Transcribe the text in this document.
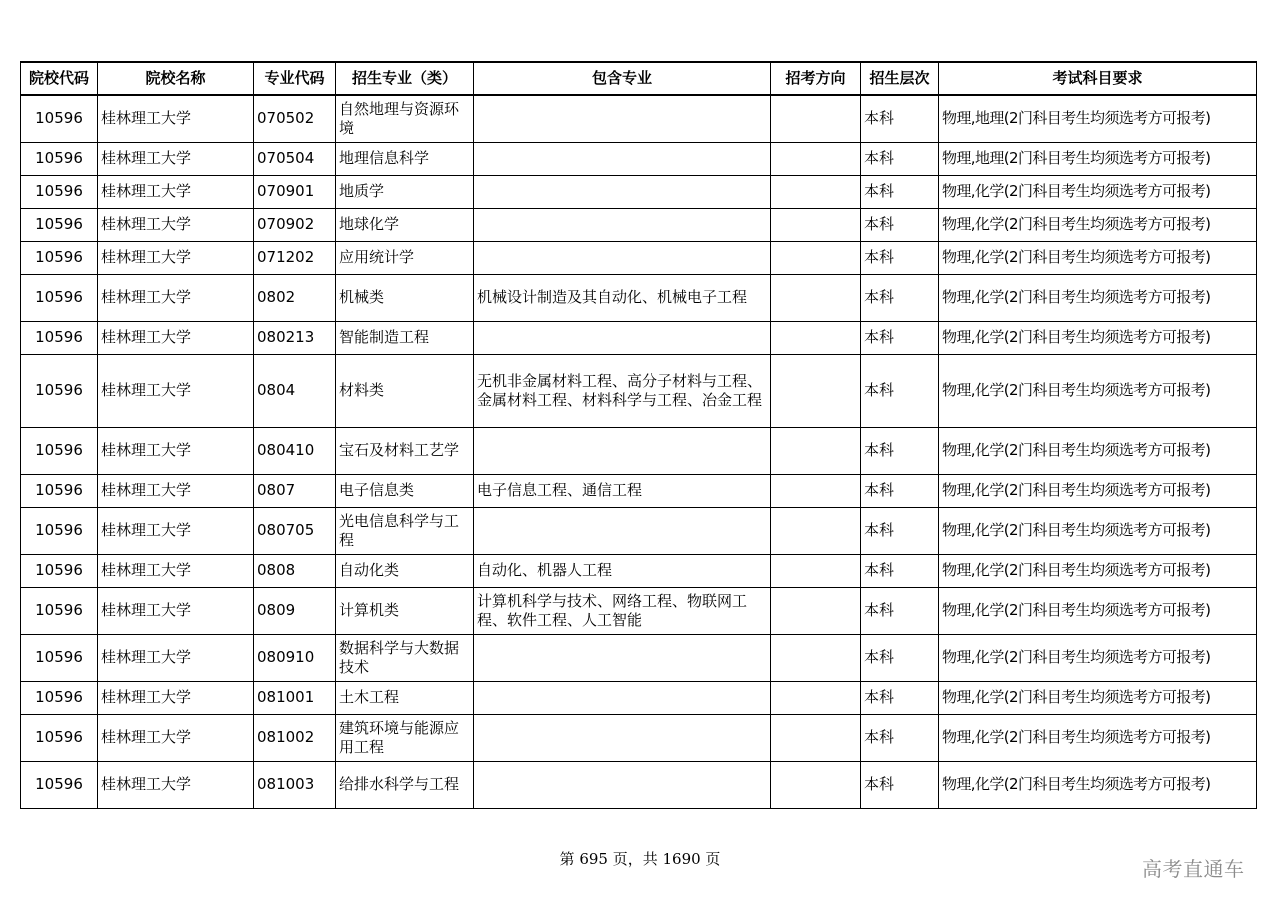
院校代码	院校名称	专业代码	招生专业（类）	包含专业	招考方向	招生层次	考试科目要求
10596	桂林理工大学	070502	自然地理与资源环境			本科	物理,地理(2门科目考生均须选考方可报考)
10596	桂林理工大学	070504	地理信息科学			本科	物理,地理(2门科目考生均须选考方可报考)
10596	桂林理工大学	070901	地质学			本科	物理,化学(2门科目考生均须选考方可报考)
10596	桂林理工大学	070902	地球化学			本科	物理,化学(2门科目考生均须选考方可报考)
10596	桂林理工大学	071202	应用统计学			本科	物理,化学(2门科目考生均须选考方可报考)
10596	桂林理工大学	0802	机械类	机械设计制造及其自动化、机械电子工程		本科	物理,化学(2门科目考生均须选考方可报考)
10596	桂林理工大学	080213	智能制造工程			本科	物理,化学(2门科目考生均须选考方可报考)
10596	桂林理工大学	0804	材料类	无机非金属材料工程、高分子材料与工程、金属材料工程、材料科学与工程、冶金工程		本科	物理,化学(2门科目考生均须选考方可报考)
10596	桂林理工大学	080410	宝石及材料工艺学			本科	物理,化学(2门科目考生均须选考方可报考)
10596	桂林理工大学	0807	电子信息类	电子信息工程、通信工程		本科	物理,化学(2门科目考生均须选考方可报考)
10596	桂林理工大学	080705	光电信息科学与工程			本科	物理,化学(2门科目考生均须选考方可报考)
10596	桂林理工大学	0808	自动化类	自动化、机器人工程		本科	物理,化学(2门科目考生均须选考方可报考)
10596	桂林理工大学	0809	计算机类	计算机科学与技术、网络工程、物联网工程、软件工程、人工智能		本科	物理,化学(2门科目考生均须选考方可报考)
10596	桂林理工大学	080910	数据科学与大数据技术			本科	物理,化学(2门科目考生均须选考方可报考)
10596	桂林理工大学	081001	土木工程			本科	物理,化学(2门科目考生均须选考方可报考)
10596	桂林理工大学	081002	建筑环境与能源应用工程			本科	物理,化学(2门科目考生均须选考方可报考)
10596	桂林理工大学	081003	给排水科学与工程			本科	物理,化学(2门科目考生均须选考方可报考)
第 695 页，共 1690 页	高考直通车
